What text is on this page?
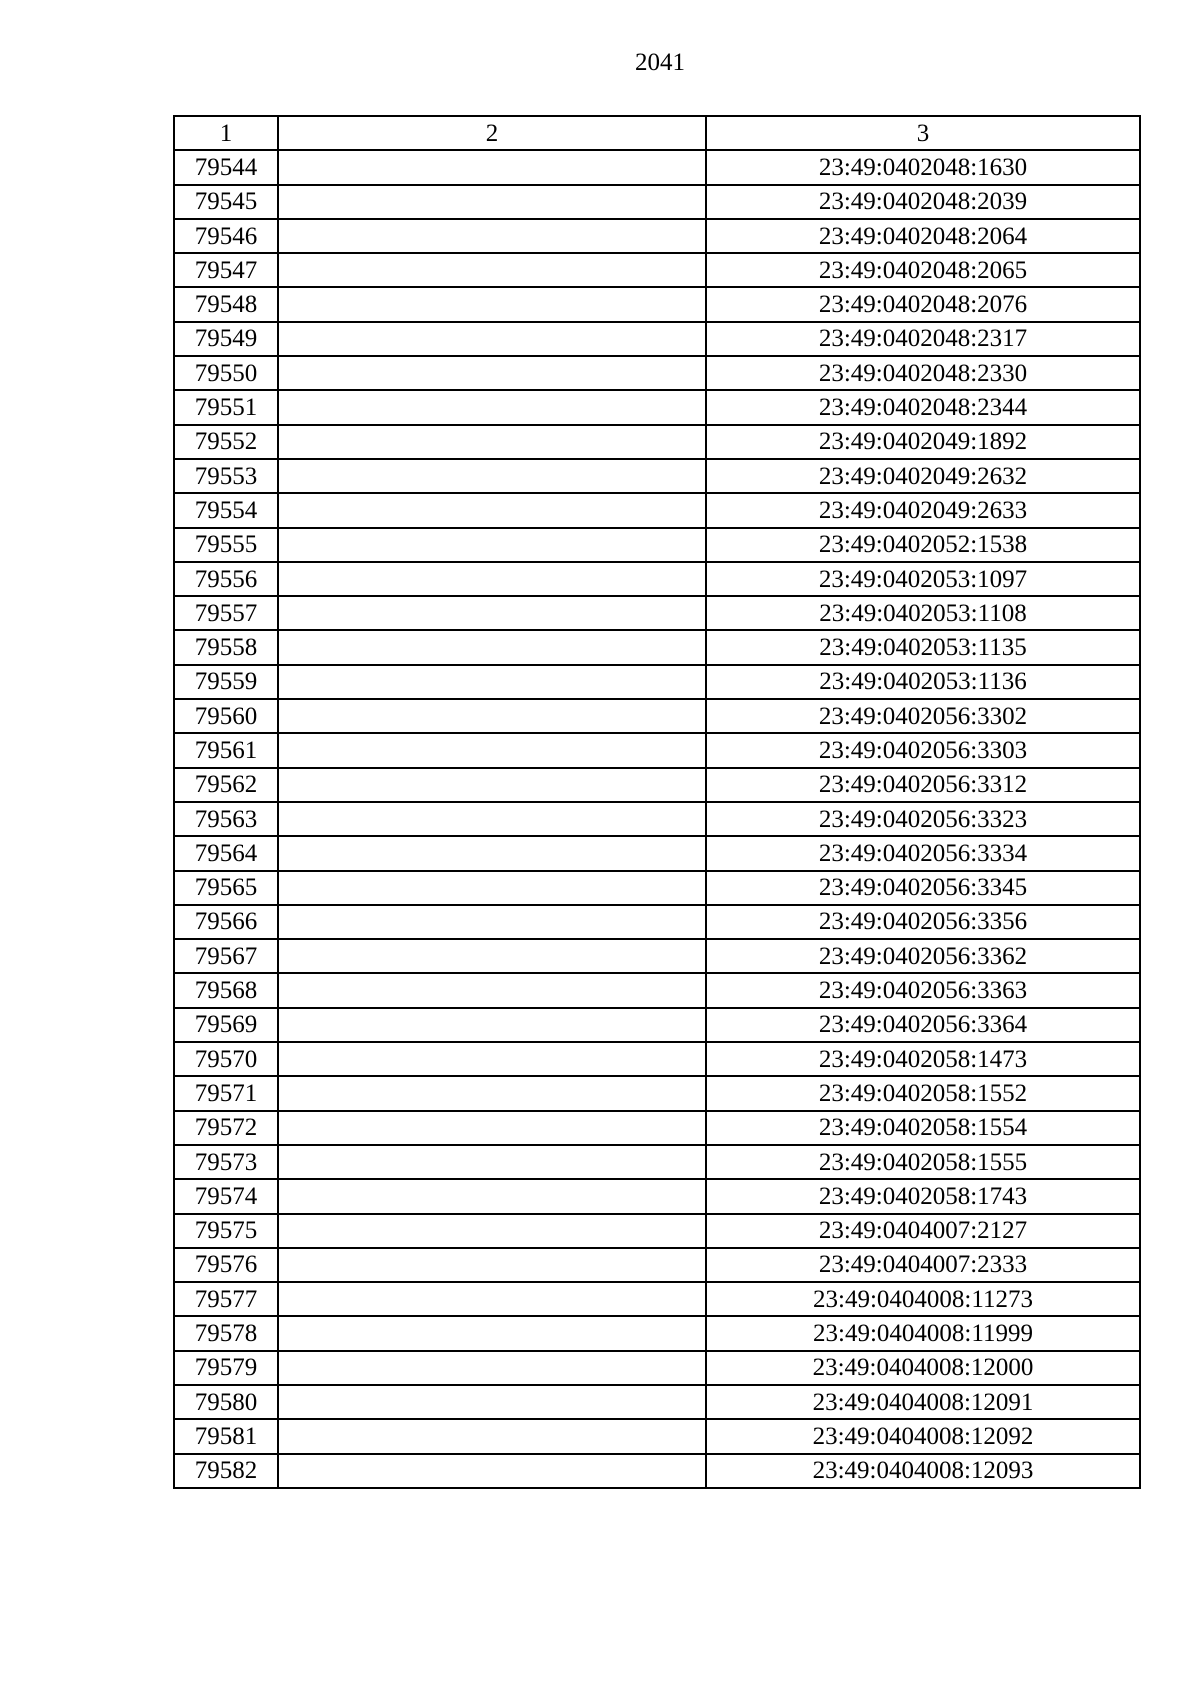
2041
1	2	3
79544		23:49:0402048:1630
79545		23:49:0402048:2039
79546		23:49:0402048:2064
79547		23:49:0402048:2065
79548		23:49:0402048:2076
79549		23:49:0402048:2317
79550		23:49:0402048:2330
79551		23:49:0402048:2344
79552		23:49:0402049:1892
79553		23:49:0402049:2632
79554		23:49:0402049:2633
79555		23:49:0402052:1538
79556		23:49:0402053:1097
79557		23:49:0402053:1108
79558		23:49:0402053:1135
79559		23:49:0402053:1136
79560		23:49:0402056:3302
79561		23:49:0402056:3303
79562		23:49:0402056:3312
79563		23:49:0402056:3323
79564		23:49:0402056:3334
79565		23:49:0402056:3345
79566		23:49:0402056:3356
79567		23:49:0402056:3362
79568		23:49:0402056:3363
79569		23:49:0402056:3364
79570		23:49:0402058:1473
79571		23:49:0402058:1552
79572		23:49:0402058:1554
79573		23:49:0402058:1555
79574		23:49:0402058:1743
79575		23:49:0404007:2127
79576		23:49:0404007:2333
79577		23:49:0404008:11273
79578		23:49:0404008:11999
79579		23:49:0404008:12000
79580		23:49:0404008:12091
79581		23:49:0404008:12092
79582		23:49:0404008:12093
